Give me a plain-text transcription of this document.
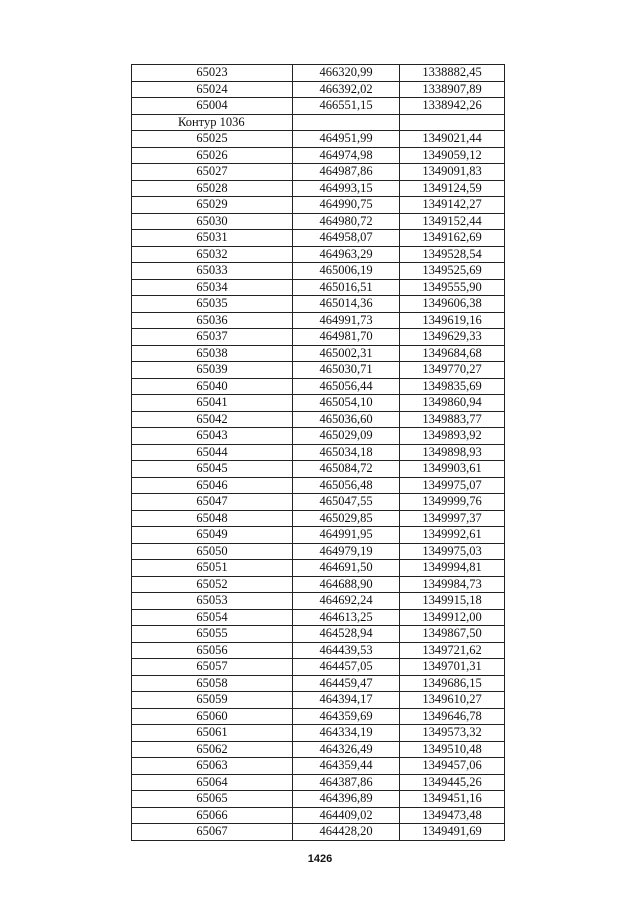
65023	466320,99	1338882,45
65024	466392,02	1338907,89
65004	466551,15	1338942,26
Контур 1036		
65025	464951,99	1349021,44
65026	464974,98	1349059,12
65027	464987,86	1349091,83
65028	464993,15	1349124,59
65029	464990,75	1349142,27
65030	464980,72	1349152,44
65031	464958,07	1349162,69
65032	464963,29	1349528,54
65033	465006,19	1349525,69
65034	465016,51	1349555,90
65035	465014,36	1349606,38
65036	464991,73	1349619,16
65037	464981,70	1349629,33
65038	465002,31	1349684,68
65039	465030,71	1349770,27
65040	465056,44	1349835,69
65041	465054,10	1349860,94
65042	465036,60	1349883,77
65043	465029,09	1349893,92
65044	465034,18	1349898,93
65045	465084,72	1349903,61
65046	465056,48	1349975,07
65047	465047,55	1349999,76
65048	465029,85	1349997,37
65049	464991,95	1349992,61
65050	464979,19	1349975,03
65051	464691,50	1349994,81
65052	464688,90	1349984,73
65053	464692,24	1349915,18
65054	464613,25	1349912,00
65055	464528,94	1349867,50
65056	464439,53	1349721,62
65057	464457,05	1349701,31
65058	464459,47	1349686,15
65059	464394,17	1349610,27
65060	464359,69	1349646,78
65061	464334,19	1349573,32
65062	464326,49	1349510,48
65063	464359,44	1349457,06
65064	464387,86	1349445,26
65065	464396,89	1349451,16
65066	464409,02	1349473,48
65067	464428,20	1349491,69
1426
